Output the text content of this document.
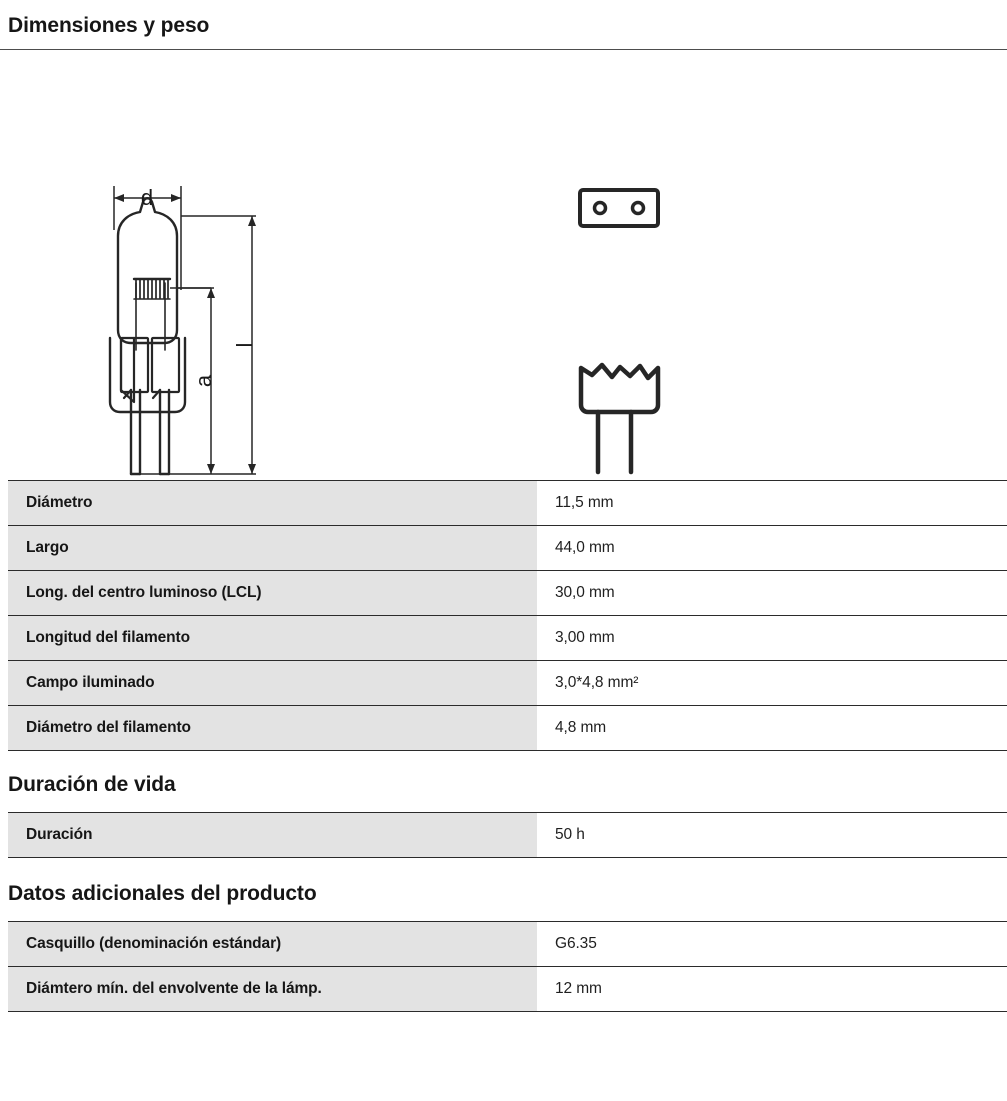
Dimensiones y peso
d
a
l
Diámetro	11,5 mm
Largo	44,0 mm
Long. del centro luminoso (LCL)	30,0 mm
Longitud del filamento	3,00 mm
Campo iluminado	3,0*4,8 mm²
Diámetro del filamento	4,8 mm
Duración de vida
Duración	50 h
Datos adicionales del producto
Casquillo (denominación estándar)	G6.35
Diámtero mín. del envolvente de la lámp.	12 mm
